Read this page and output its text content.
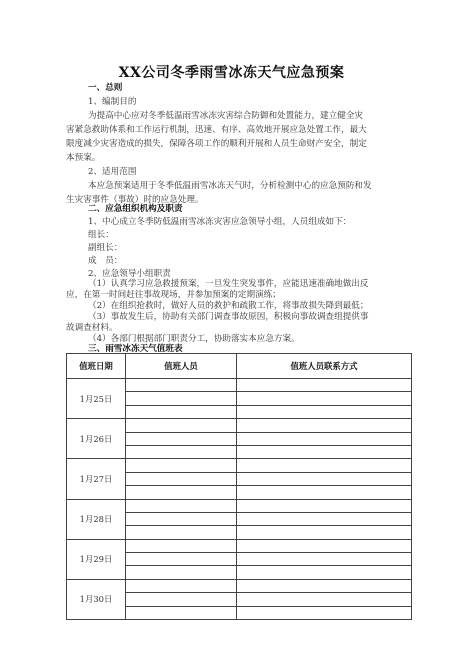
XX公司冬季雨雪冰冻天气应急预案
值班日期	值班人员	值班人员联系方式
1月25日		

1月26日		

1月27日		

1月28日		

1月29日		

1月30日		

一、总则
1、编制目的
为提高中心应对冬季低温雨雪冰冻灾害综合防御和处置能力，建立健全灾
害紧急救助体系和工作运行机制，迅速、有序、高效地开展应急处置工作，最大
限度减少灾害造成的损失，保障各项工作的顺利开展和人员生命财产安全，制定
本预案。
2、适用范围
本应急预案适用于冬季低温雨雪冰冻天气时，分析检测中心的应急预防和发
生灾害事件（事故）时的应急处理。
二、应急组织机构及职责
1、中心成立冬季防低温雨雪冰冻灾害应急领导小组，人员组成如下：
组长：
副组长：
成　员：
2、应急领导小组职责
（1）认真学习应急救援预案，一旦发生突发事件，应能迅速准确地做出反
应，在第一时间赶往事故现场，并参加预案的定期演练；
（2）在组织抢救时，做好人员的救护和疏散工作，将事故损失降到最低；
（3）事故发生后，协助有关部门调查事故原因，积极向事故调查组提供事
故调查材料。
（4）各部门根据部门职责分工，协助落实本应急方案。
三、雨雪冰冻天气值班表
